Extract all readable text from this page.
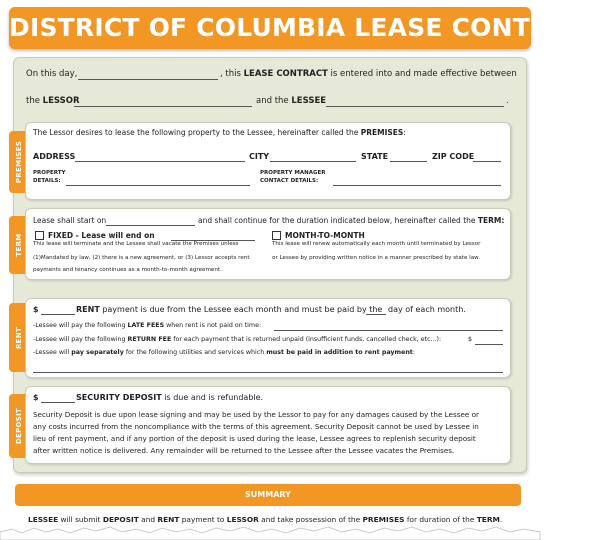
DISTRICT OF COLUMBIA LEASE CONTRACT
On this day,	, this LEASE CONTRACT is entered into and made effective between
the LESSOR	and the LESSEE	.
PREMISES
The Lessor desires to lease the following property to the Lessee, hereinafter called the PREMISES:
ADDRESS	CITY	STATE	ZIP CODE
PROPERTY
DETAILS:
PROPERTY MANAGER
CONTACT DETAILS:
TERM
Lease shall start on	and shall continue for the duration indicated below, hereinafter called the TERM:
FIXED - Lease will end on
This lease will terminate and the Lessee shall vacate the Premises unless
(1)Mandated by law, (2) there is a new agreement, or (3) Lessor accepts rent
payments and tenancy continues as a month-to-month agreement.
MONTH-TO-MONTH
This lease will renew automatically each month until terminated by Lessor
or Lessee by providing written notice in a manner prescribed by state law.
RENT
$	RENT payment is due from the Lessee each month and must be paid by the day of each month.
-Lessee will pay the following LATE FEES when rent is not paid on time:
-Lessee will pay the following RETURN FEE for each payment that is returned unpaid (insufficient funds, cancelled check, etc...):	$
-Lessee will pay separately for the following utilities and services which must be paid in addition to rent payment:
DEPOSIT
$	SECURITY DEPOSIT is due and is refundable.
Security Deposit is due upon lease signing and may be used by the Lessor to pay for any damages caused by the Lessee or
any costs incurred from the noncompliance with the terms of this agreement. Security Deposit cannot be used by Lessee in
lieu of rent payment, and if any portion of the deposit is used during the lease, Lessee agrees to replenish security deposit
after written notice is delivered. Any remainder will be returned to the Lessee after the Lessee vacates the Premises.
SUMMARY
LESSEE will submit DEPOSIT and RENT payment to LESSOR and take possession of the PREMISES for duration of the TERM.
